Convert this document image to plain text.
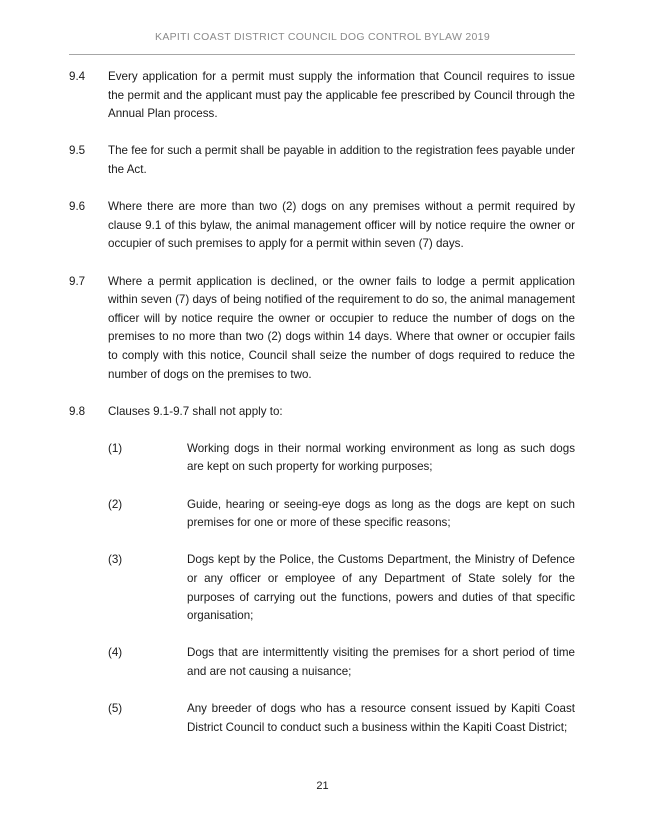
KAPITI COAST DISTRICT COUNCIL DOG CONTROL BYLAW 2019
9.4	Every application for a permit must supply the information that Council requires to issue the permit and the applicant must pay the applicable fee prescribed by Council through the Annual Plan process.
9.5	The fee for such a permit shall be payable in addition to the registration fees payable under the Act.
9.6	Where there are more than two (2) dogs on any premises without a permit required by clause 9.1 of this bylaw, the animal management officer will by notice require the owner or occupier of such premises to apply for a permit within seven (7) days.
9.7	Where a permit application is declined, or the owner fails to lodge a permit application within seven (7) days of being notified of the requirement to do so, the animal management officer will by notice require the owner or occupier to reduce the number of dogs on the premises to no more than two (2) dogs within 14 days. Where that owner or occupier fails to comply with this notice, Council shall seize the number of dogs required to reduce the number of dogs on the premises to two.
9.8	Clauses 9.1-9.7 shall not apply to:
(1)	Working dogs in their normal working environment as long as such dogs are kept on such property for working purposes;
(2)	Guide, hearing or seeing-eye dogs as long as the dogs are kept on such premises for one or more of these specific reasons;
(3)	Dogs kept by the Police, the Customs Department, the Ministry of Defence or any officer or employee of any Department of State solely for the purposes of carrying out the functions, powers and duties of that specific organisation;
(4)	Dogs that are intermittently visiting the premises for a short period of time and are not causing a nuisance;
(5)	Any breeder of dogs who has a resource consent issued by Kapiti Coast District Council to conduct such a business within the Kapiti Coast District;
21
